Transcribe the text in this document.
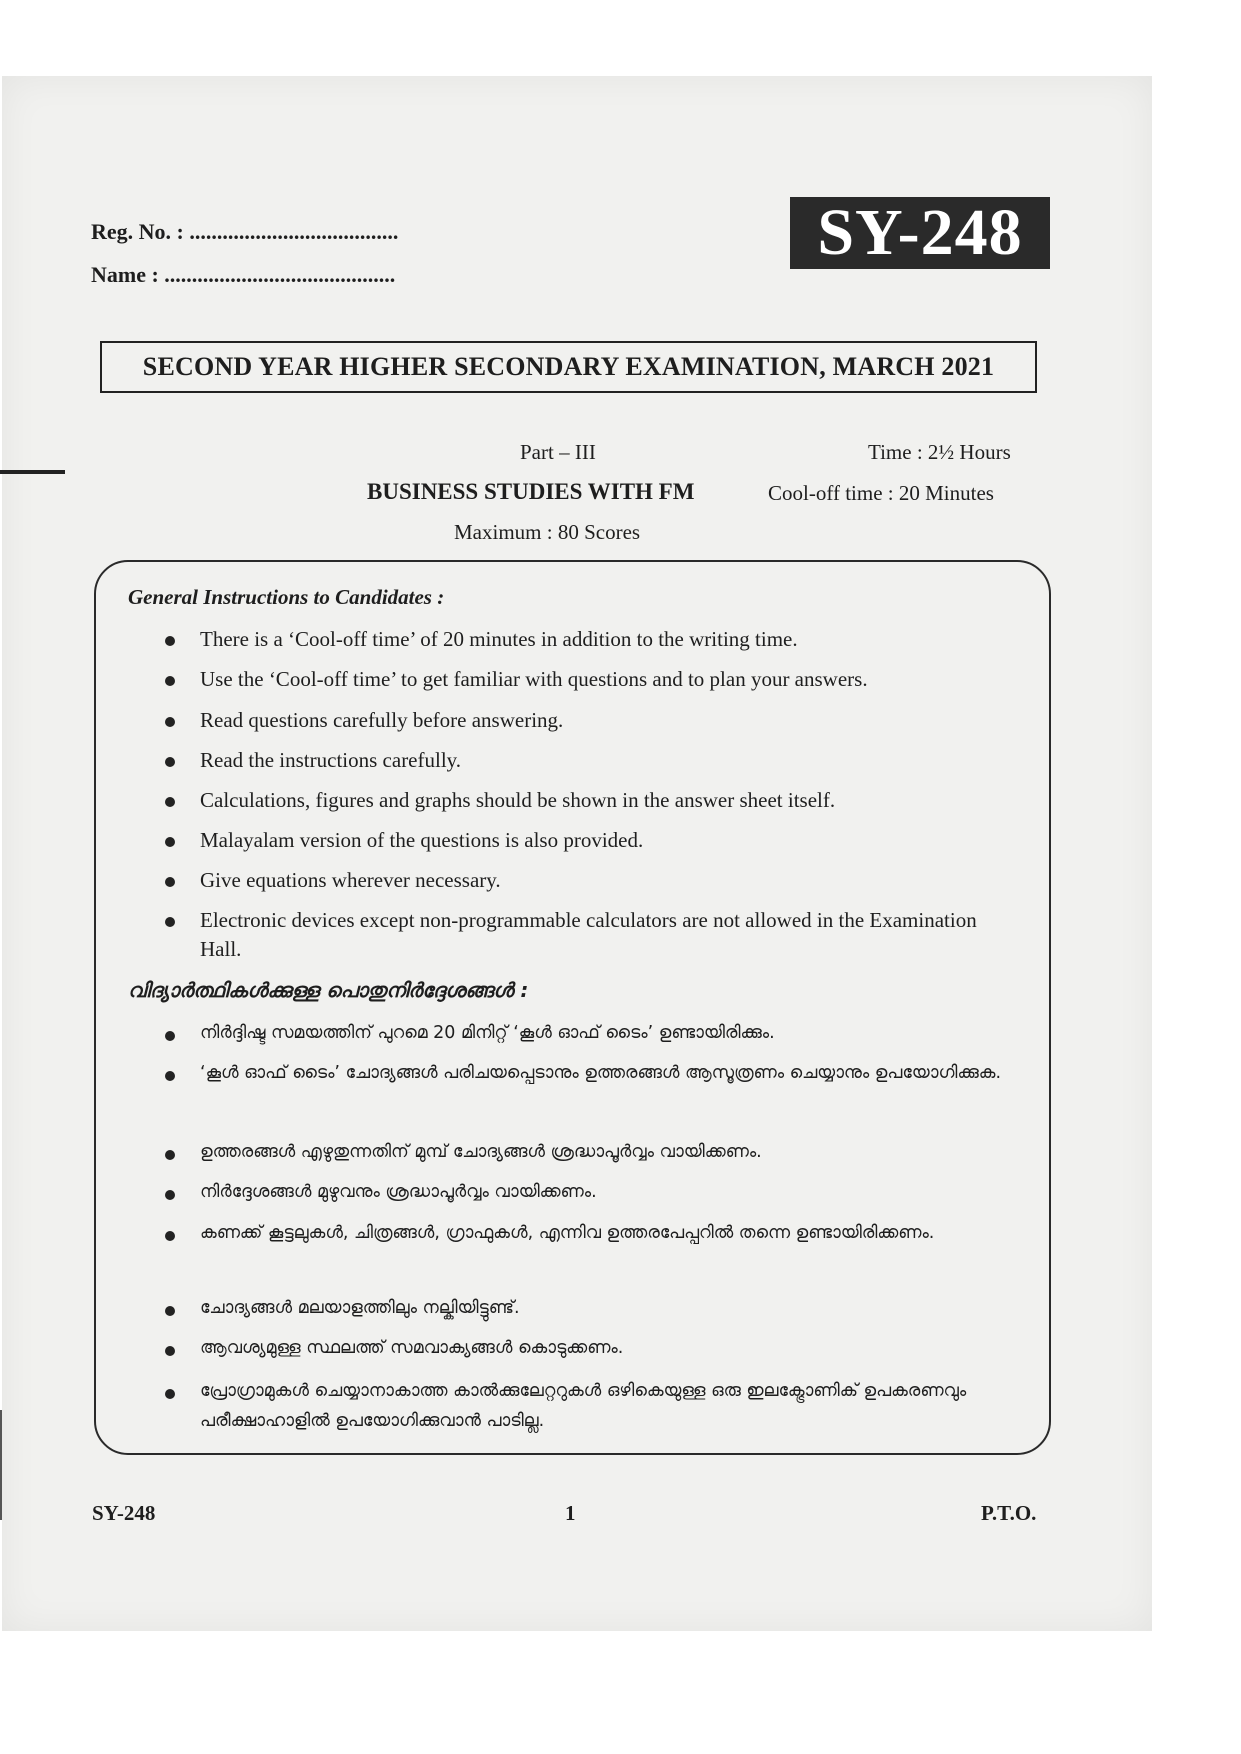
Reg. No. : ......................................
Name : ..........................................
SY-248
SECOND YEAR HIGHER SECONDARY EXAMINATION, MARCH 2021
Part – III	Time : 2½ Hours
BUSINESS STUDIES WITH FM	Cool-off time : 20 Minutes
Maximum : 80 Scores
General Instructions to Candidates :
There is a ‘Cool-off time’ of 20 minutes in addition to the writing time.
Use the ‘Cool-off time’ to get familiar with questions and to plan your answers.
Read questions carefully before answering.
Read the instructions carefully.
Calculations, figures and graphs should be shown in the answer sheet itself.
Malayalam version of the questions is also provided.
Give equations wherever necessary.
Electronic devices except non-programmable calculators are not allowed in the Examination Hall.
വിദ്യാർത്ഥികൾക്കുള്ള പൊതുനിർദ്ദേശങ്ങൾ :
നിർദ്ദിഷ്ട സമയത്തിന് പുറമെ 20 മിനിറ്റ് ‘കൂൾ ഓഫ് ടൈം’ ഉണ്ടായിരിക്കും.
‘കൂൾ ഓഫ് ടൈം’ ചോദ്യങ്ങൾ പരിചയപ്പെടാനും ഉത്തരങ്ങൾ ആസൂത്രണം ചെയ്യാനും ഉപയോഗിക്കുക.
ഉത്തരങ്ങൾ എഴുതുന്നതിന് മുമ്പ് ചോദ്യങ്ങൾ ശ്രദ്ധാപൂർവ്വം വായിക്കണം.
നിർദ്ദേശങ്ങൾ മുഴുവനും ശ്രദ്ധാപൂർവ്വം വായിക്കണം.
കണക്ക് കൂട്ടലുകൾ, ചിത്രങ്ങൾ, ഗ്രാഫുകൾ, എന്നിവ ഉത്തരപേപ്പറിൽ തന്നെ ഉണ്ടായിരിക്കണം.
ചോദ്യങ്ങൾ മലയാളത്തിലും നല്കിയിട്ടുണ്ട്.
ആവശ്യമുള്ള സ്ഥലത്ത് സമവാക്യങ്ങൾ കൊടുക്കണം.
പ്രോഗ്രാമുകൾ ചെയ്യാനാകാത്ത കാൽക്കുലേറ്ററുകൾ ഒഴികെയുള്ള ഒരു ഇലക്ട്രോണിക് ഉപകരണവും പരീക്ഷാഹാളിൽ ഉപയോഗിക്കുവാൻ പാടില്ല.
SY-248	1	P.T.O.
